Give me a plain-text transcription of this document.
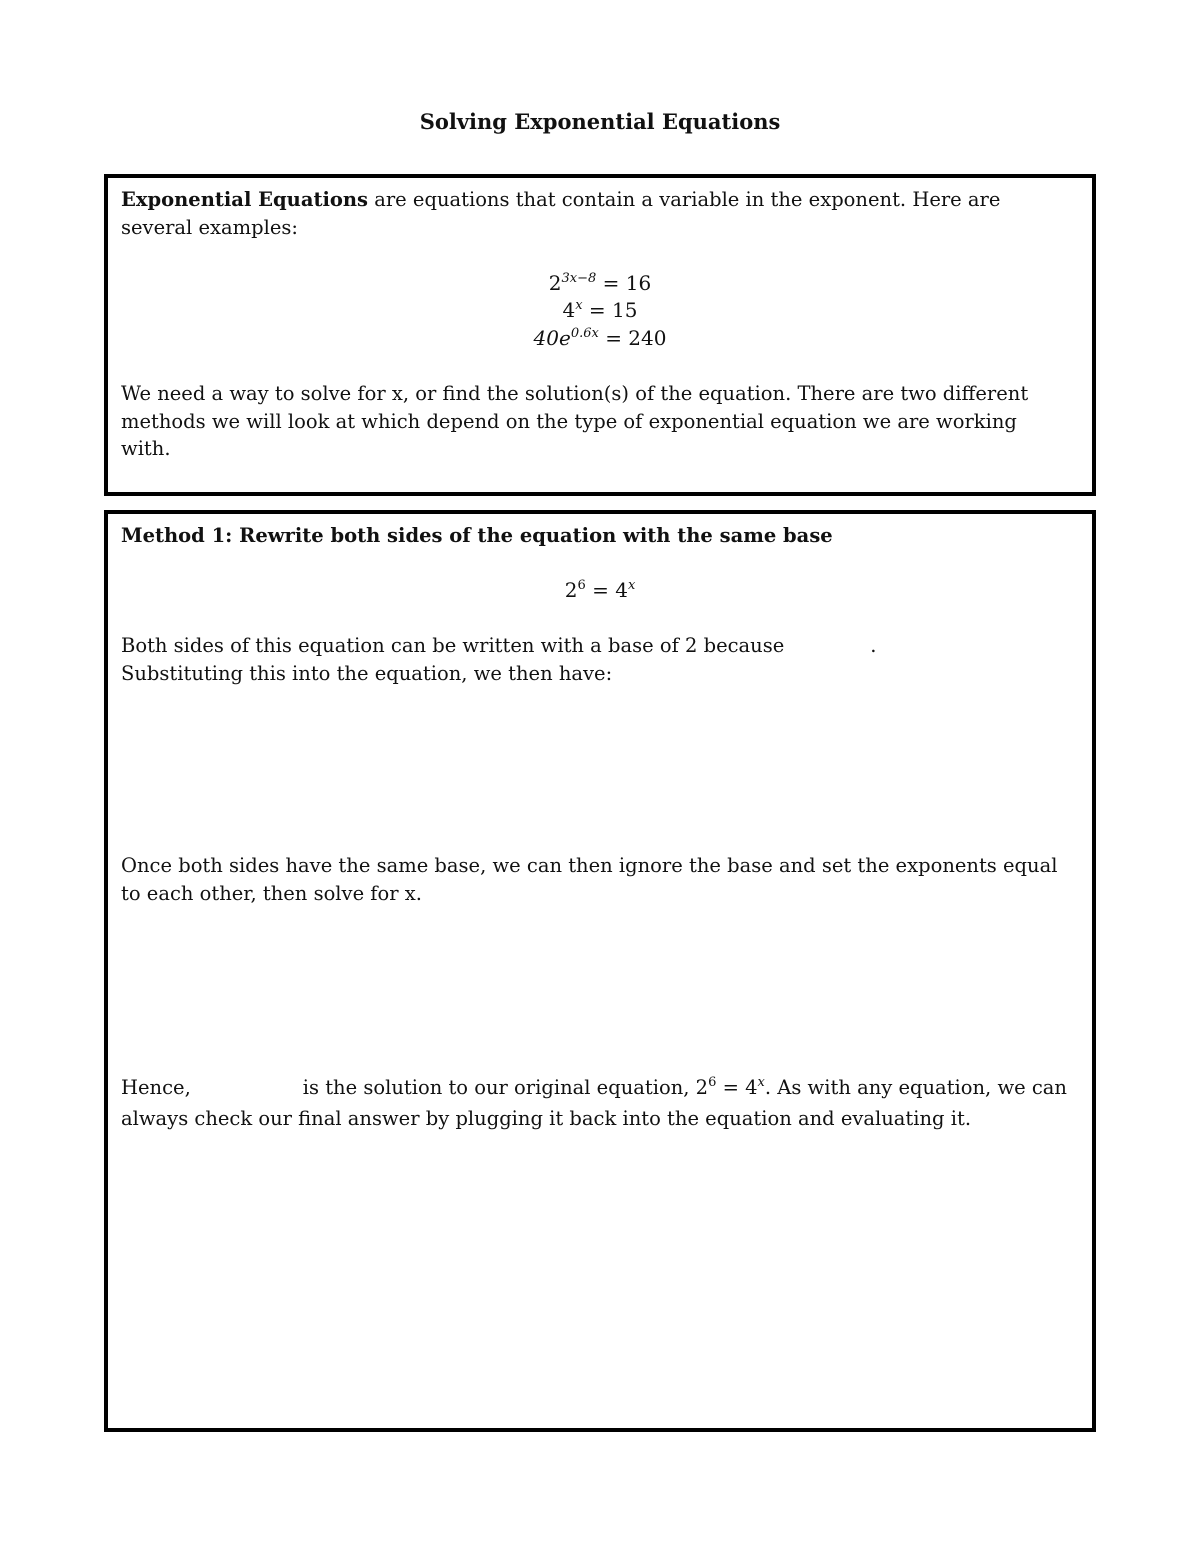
Solving Exponential Equations

Exponential Equations are equations that contain a variable in the exponent. Here are several examples:

$2^{3x-8} = 16$
$4^x = 15$
$40e^{0.6x} = 240$

We need a way to solve for x, or find the solution(s) of the equation. There are two different methods we will look at which depend on the type of exponential equation we are working with.

Method 1: Rewrite both sides of the equation with the same base

$2^6 = 4^x$

Both sides of this equation can be written with a base of 2 because	.
Substituting this into the equation, we then have:

Once both sides have the same base, we can then ignore the base and set the exponents equal to each other, then solve for x.

Hence,	is the solution to our original equation, $2^6 = 4^x$. As with any equation, we can always check our final answer by plugging it back into the equation and evaluating it.
